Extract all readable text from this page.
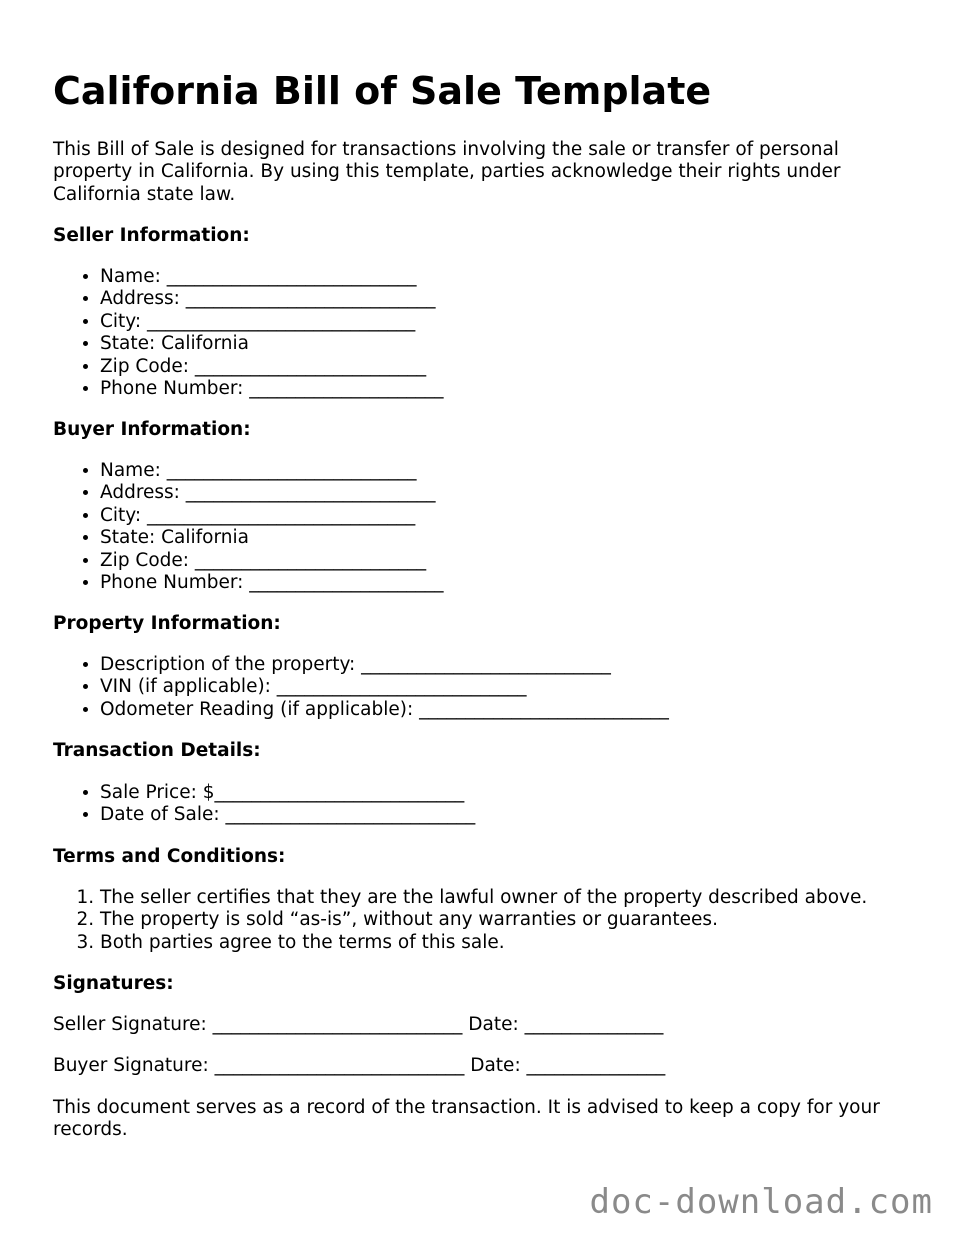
California Bill of Sale Template

This Bill of Sale is designed for transactions involving the sale or transfer of personal property in California. By using this template, parties acknowledge their rights under California state law.

Seller Information:
• Name: ___________________________
• Address: ___________________________
• City: _____________________________
• State: California
• Zip Code: _________________________
• Phone Number: _____________________
Buyer Information:
• Name: ___________________________
• Address: ___________________________
• City: _____________________________
• State: California
• Zip Code: _________________________
• Phone Number: _____________________
Property Information:
• Description of the property: ___________________________
• VIN (if applicable): ___________________________
• Odometer Reading (if applicable): ___________________________
Transaction Details:
• Sale Price: $___________________________
• Date of Sale: ___________________________
Terms and Conditions:
1. The seller certifies that they are the lawful owner of the property described above.
2. The property is sold “as-is”, without any warranties or guarantees.
3. Both parties agree to the terms of this sale.
Signatures:

Seller Signature: ___________________________ Date: _______________

Buyer Signature: ___________________________ Date: _______________

This document serves as a record of the transaction. It is advised to keep a copy for your records.

doc-download.com
